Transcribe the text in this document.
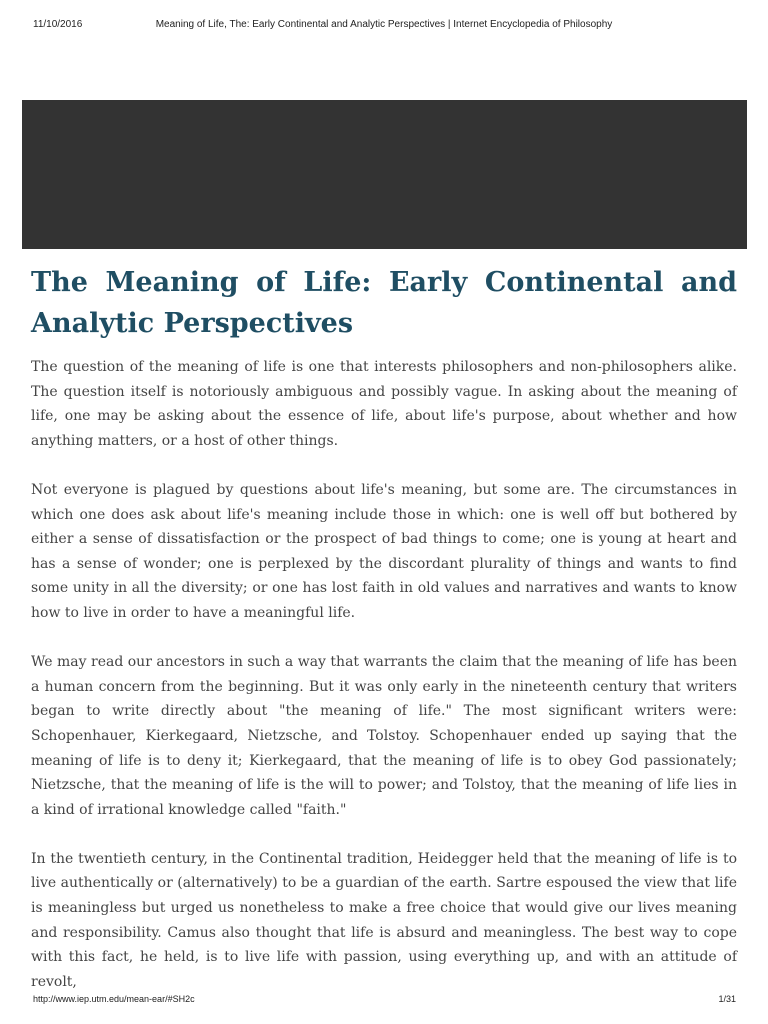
11/10/2016	Meaning of Life, The: Early Continental and Analytic Perspectives | Internet Encyclopedia of Philosophy
The Meaning of Life: Early Continental and Analytic Perspectives

The question of the meaning of life is one that interests philosophers and non-philosophers alike. The question itself is notoriously ambiguous and possibly vague. In asking about the meaning of life, one may be asking about the essence of life, about life's purpose, about whether and how anything matters, or a host of other things.

Not everyone is plagued by questions about life's meaning, but some are. The circumstances in which one does ask about life's meaning include those in which: one is well off but bothered by either a sense of dissatisfaction or the prospect of bad things to come; one is young at heart and has a sense of wonder; one is perplexed by the discordant plurality of things and wants to find some unity in all the diversity; or one has lost faith in old values and narratives and wants to know how to live in order to have a meaningful life.

We may read our ancestors in such a way that warrants the claim that the meaning of life has been a human concern from the beginning. But it was only early in the nineteenth century that writers began to write directly about "the meaning of life." The most significant writers were: Schopenhauer, Kierkegaard, Nietzsche, and Tolstoy. Schopenhauer ended up saying that the meaning of life is to deny it; Kierkegaard, that the meaning of life is to obey God passionately; Nietzsche, that the meaning of life is the will to power; and Tolstoy, that the meaning of life lies in a kind of irrational knowledge called "faith."

In the twentieth century, in the Continental tradition, Heidegger held that the meaning of life is to live authentically or (alternatively) to be a guardian of the earth. Sartre espoused the view that life is meaningless but urged us nonetheless to make a free choice that would give our lives meaning and responsibility. Camus also thought that life is absurd and meaningless. The best way to cope with this fact, he held, is to live life with passion, using everything up, and with an attitude of revolt,

http://www.iep.utm.edu/mean-ear/#SH2c	1/31
